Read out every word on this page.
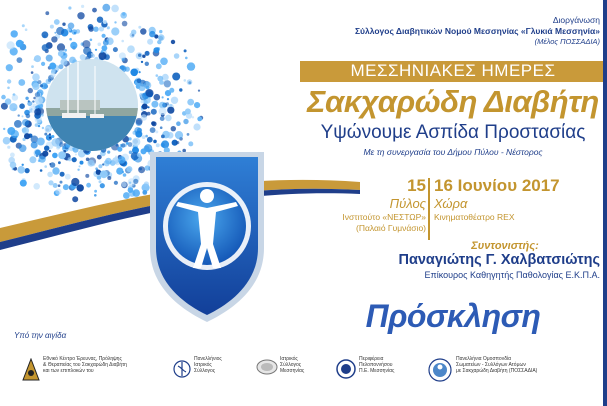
Διοργάνωση
Σύλλογος Διαβητικών Νομού Μεσσηνίας «Γλυκιά Μεσσηνία»
(Μέλος ΠΟΣΣΑΔΙΑ)
ΜΕΣΣΗΝΙΑΚΕΣ ΗΜΕΡΕΣ
Σακχαρώδη Διαβήτη
Υψώνουμε Ασπίδα Προστασίας
Με τη συνεργασία του Δήμου Πύλου - Νέστορος
15 16 Ιουνίου 2017
Πύλος
Ινστιτούτο «ΝΕΣΤΩΡ»
(Παλαιό Γυμνάσιο)
Χώρα
Κινηματοθέατρο REX
Συντονιστής:
Παναγιώτης Γ. Χαλβατσιώτης
Επίκουρος Καθηγητής Παθολογίας Ε.Κ.Π.Α.
Πρόσκληση
Υπό την αιγίδα
Εθνικό Κέντρο Έρευνας, Πρόληψης
& Θεραπείας του Σακχαρώδη Διαβήτη
και των επιπλοκών του
Πανελλήνιος
Ιατρικός
Σύλλογος
Ιατρικός
Σύλλογος
Μεσσηνίας
Περιφέρεια
Πελοποννήσου
Π.Ε. Μεσσηνίας
Πανελλήνια Ομοσπονδία
Σωματείων - Συλλόγων Ατόμων
με Σακχαρώδη Διαβήτη (ΠΟΣΣΑΔΙΑ)
